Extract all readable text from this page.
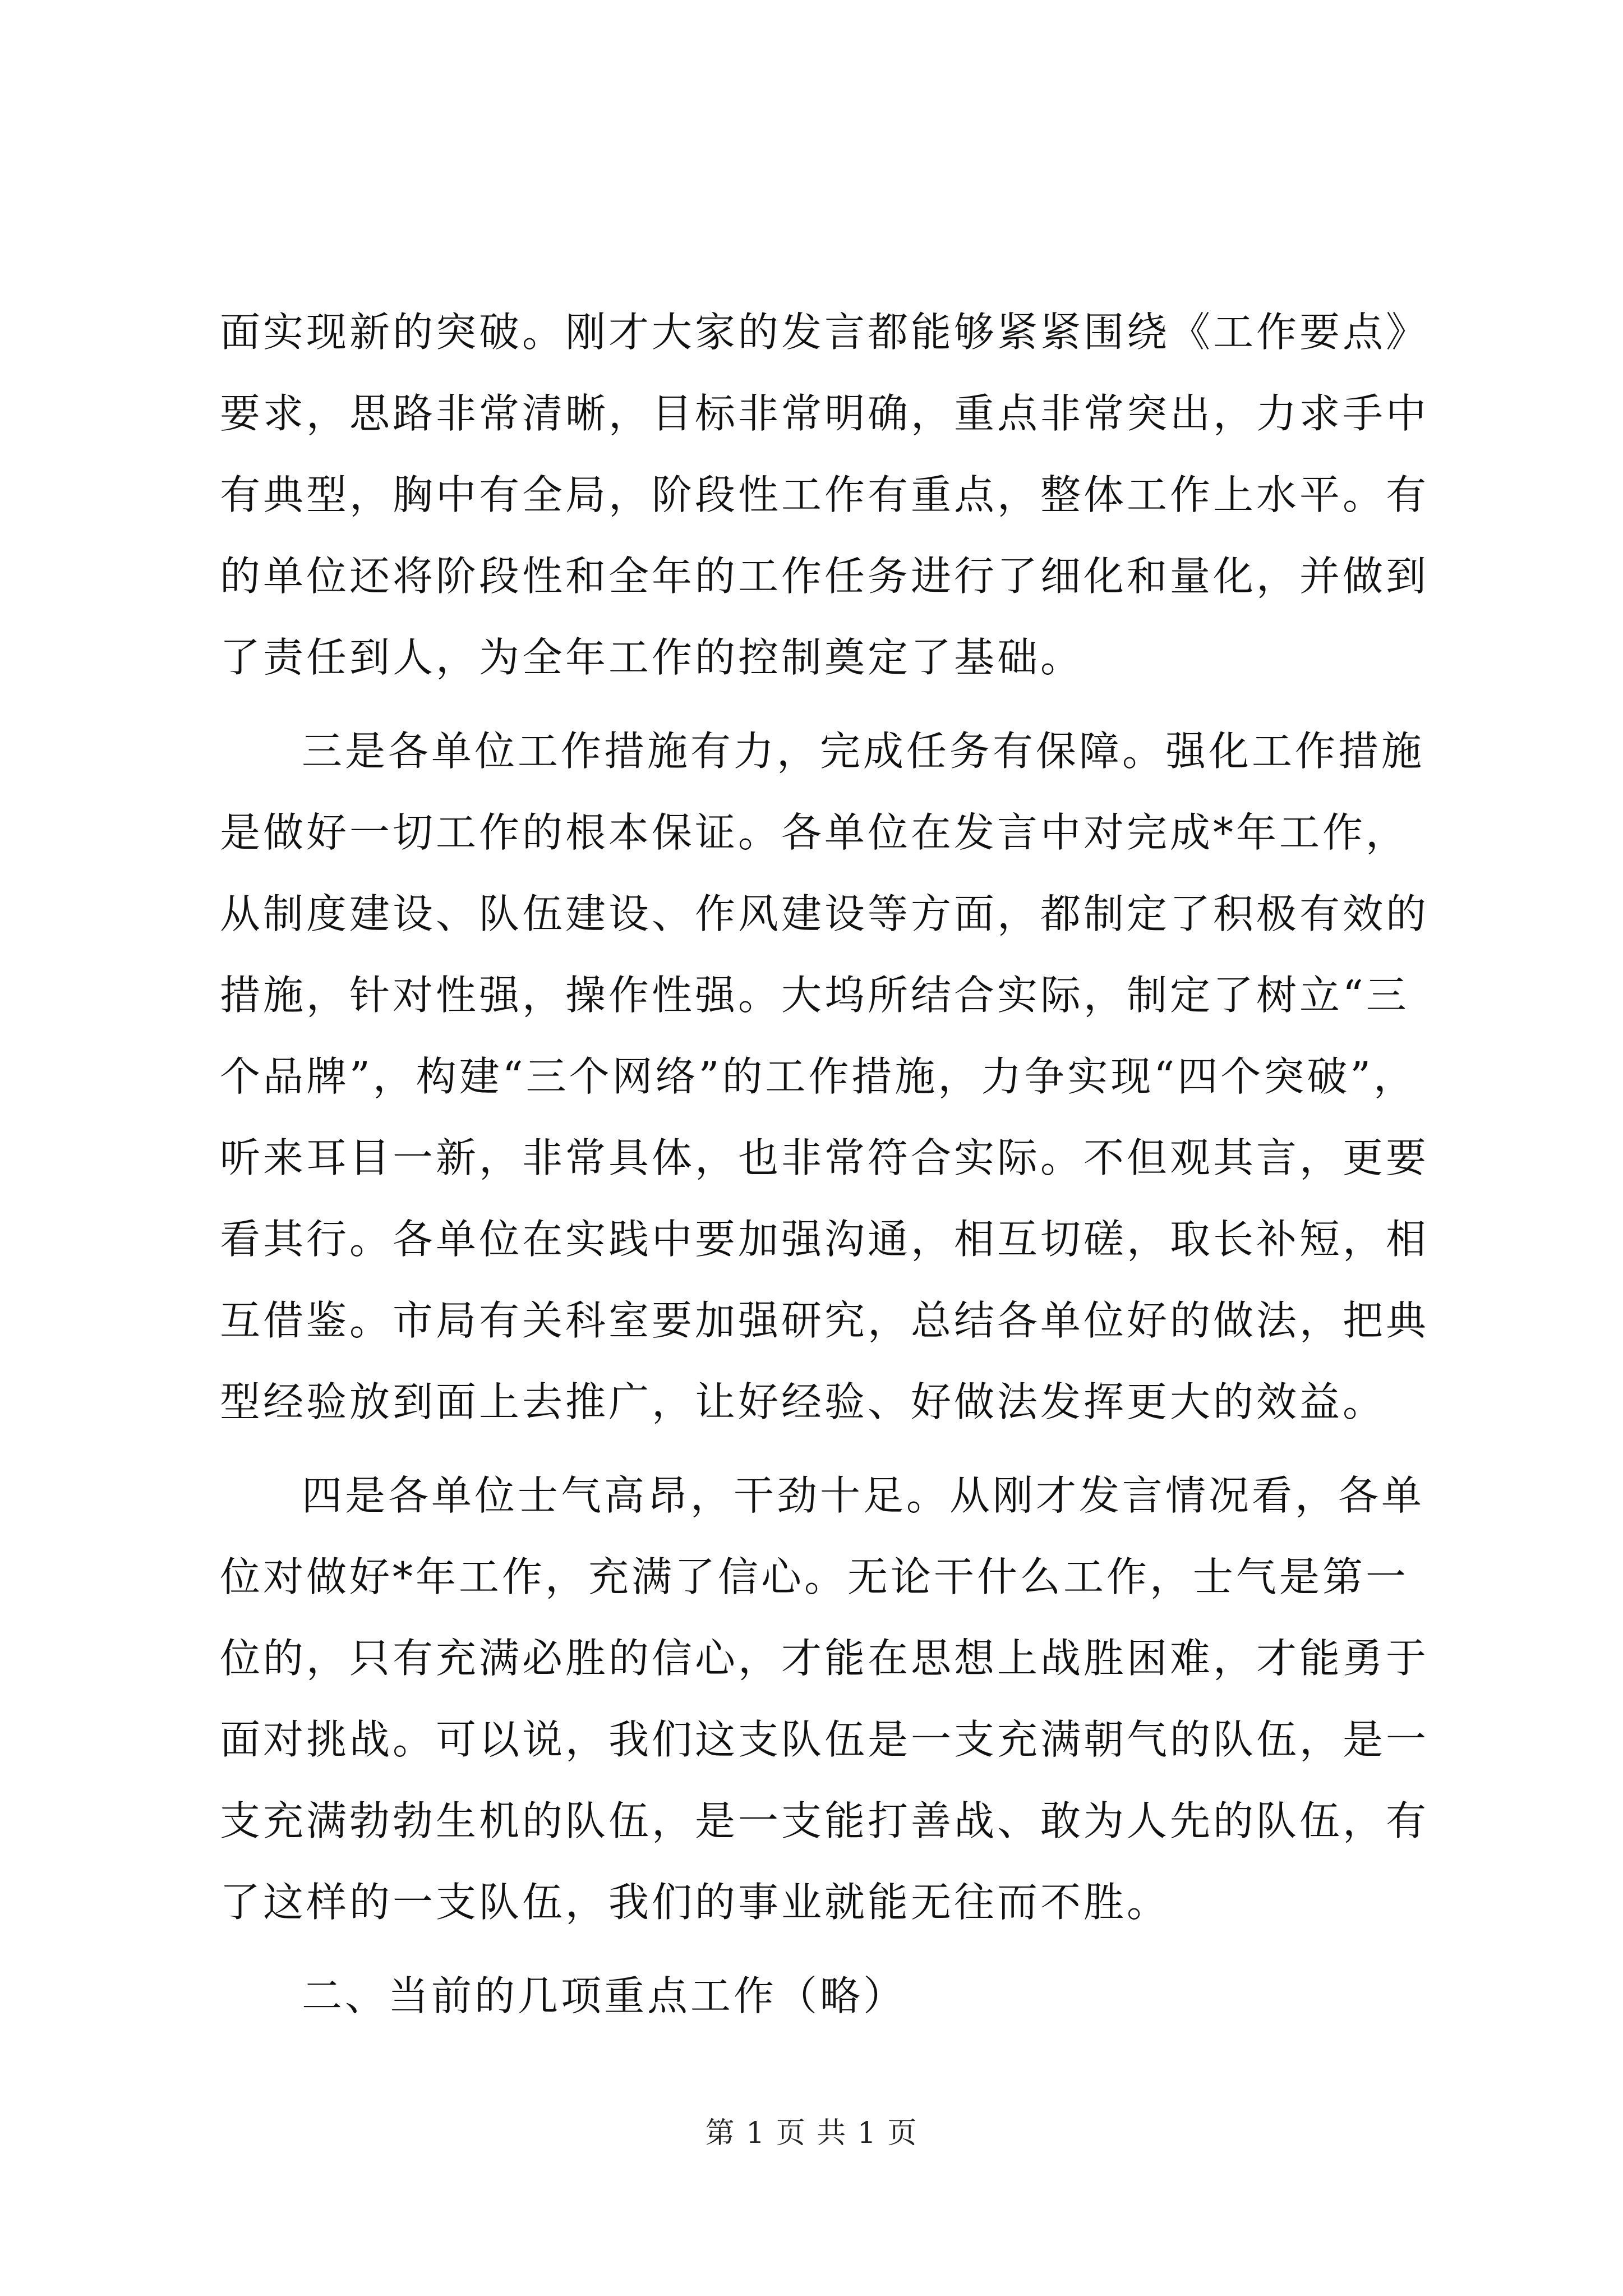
面实现新的突破。刚才大家的发言都能够紧紧围绕《工作要点》
要求，思路非常清晰，目标非常明确，重点非常突出，力求手中
有典型，胸中有全局，阶段性工作有重点，整体工作上水平。有
的单位还将阶段性和全年的工作任务进行了细化和量化，并做到
了责任到人，为全年工作的控制奠定了基础。
三是各单位工作措施有力，完成任务有保障。强化工作措施
是做好一切工作的根本保证。各单位在发言中对完成*年工作，
从制度建设、队伍建设、作风建设等方面，都制定了积极有效的
措施，针对性强，操作性强。大坞所结合实际，制定了树立“三
个品牌”，构建“三个网络”的工作措施，力争实现“四个突破”，
听来耳目一新，非常具体，也非常符合实际。不但观其言，更要
看其行。各单位在实践中要加强沟通，相互切磋，取长补短，相
互借鉴。市局有关科室要加强研究，总结各单位好的做法，把典
型经验放到面上去推广，让好经验、好做法发挥更大的效益。
四是各单位士气高昂，干劲十足。从刚才发言情况看，各单
位对做好*年工作，充满了信心。无论干什么工作，士气是第一
位的，只有充满必胜的信心，才能在思想上战胜困难，才能勇于
面对挑战。可以说，我们这支队伍是一支充满朝气的队伍，是一
支充满勃勃生机的队伍，是一支能打善战、敢为人先的队伍，有
了这样的一支队伍，我们的事业就能无往而不胜。
二、当前的几项重点工作（略）
第 1 页 共 1 页
